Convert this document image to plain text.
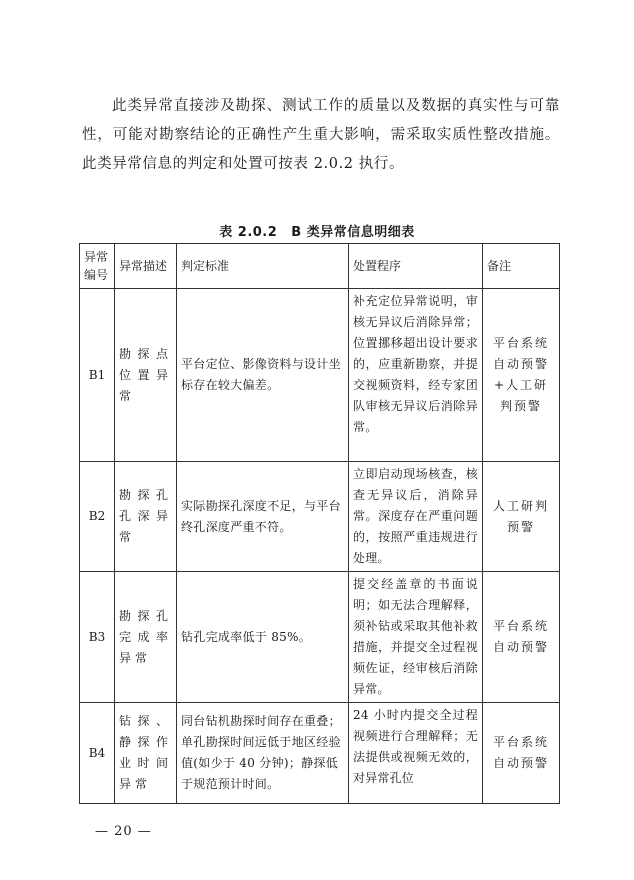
此类异常直接涉及勘探、测试工作的质量以及数据的真实性与可靠性，可能对勘察结论的正确性产生重大影响，需采取实质性整改措施。此类异常信息的判定和处置可按表 2.0.2 执行。

表 2.0.2 B 类异常信息明细表
异常编号	异常描述	判定标准	处置程序	备注
B1	勘探点位置异常	平台定位、影像资料与设计坐标存在较大偏差。	补充定位异常说明，审核无异议后消除异常；位置挪移超出设计要求的，应重新勘察，并提交视频资料，经专家团队审核无异议后消除异常。	平台系统自动预警+人工研判预警
B2	勘探孔孔深异常	实际勘探孔深度不足，与平台终孔深度严重不符。	立即启动现场核查，核查无异议后，消除异常。深度存在严重问题的，按照严重违规进行处理。	人工研判预警
B3	勘探孔完成率异常	钻孔完成率低于 85%。	提交经盖章的书面说明；如无法合理解释，须补钻或采取其他补救措施，并提交全过程视频佐证，经审核后消除异常。	平台系统自动预警
B4	钻探、静探作业时间异常	同台钻机勘探时间存在重叠；单孔勘探时间远低于地区经验值(如少于 40 分钟)；静探低于规范预计时间。	24 小时内提交全过程视频进行合理解释；无法提供或视频无效的，对异常孔位	平台系统自动预警
— 20 —
